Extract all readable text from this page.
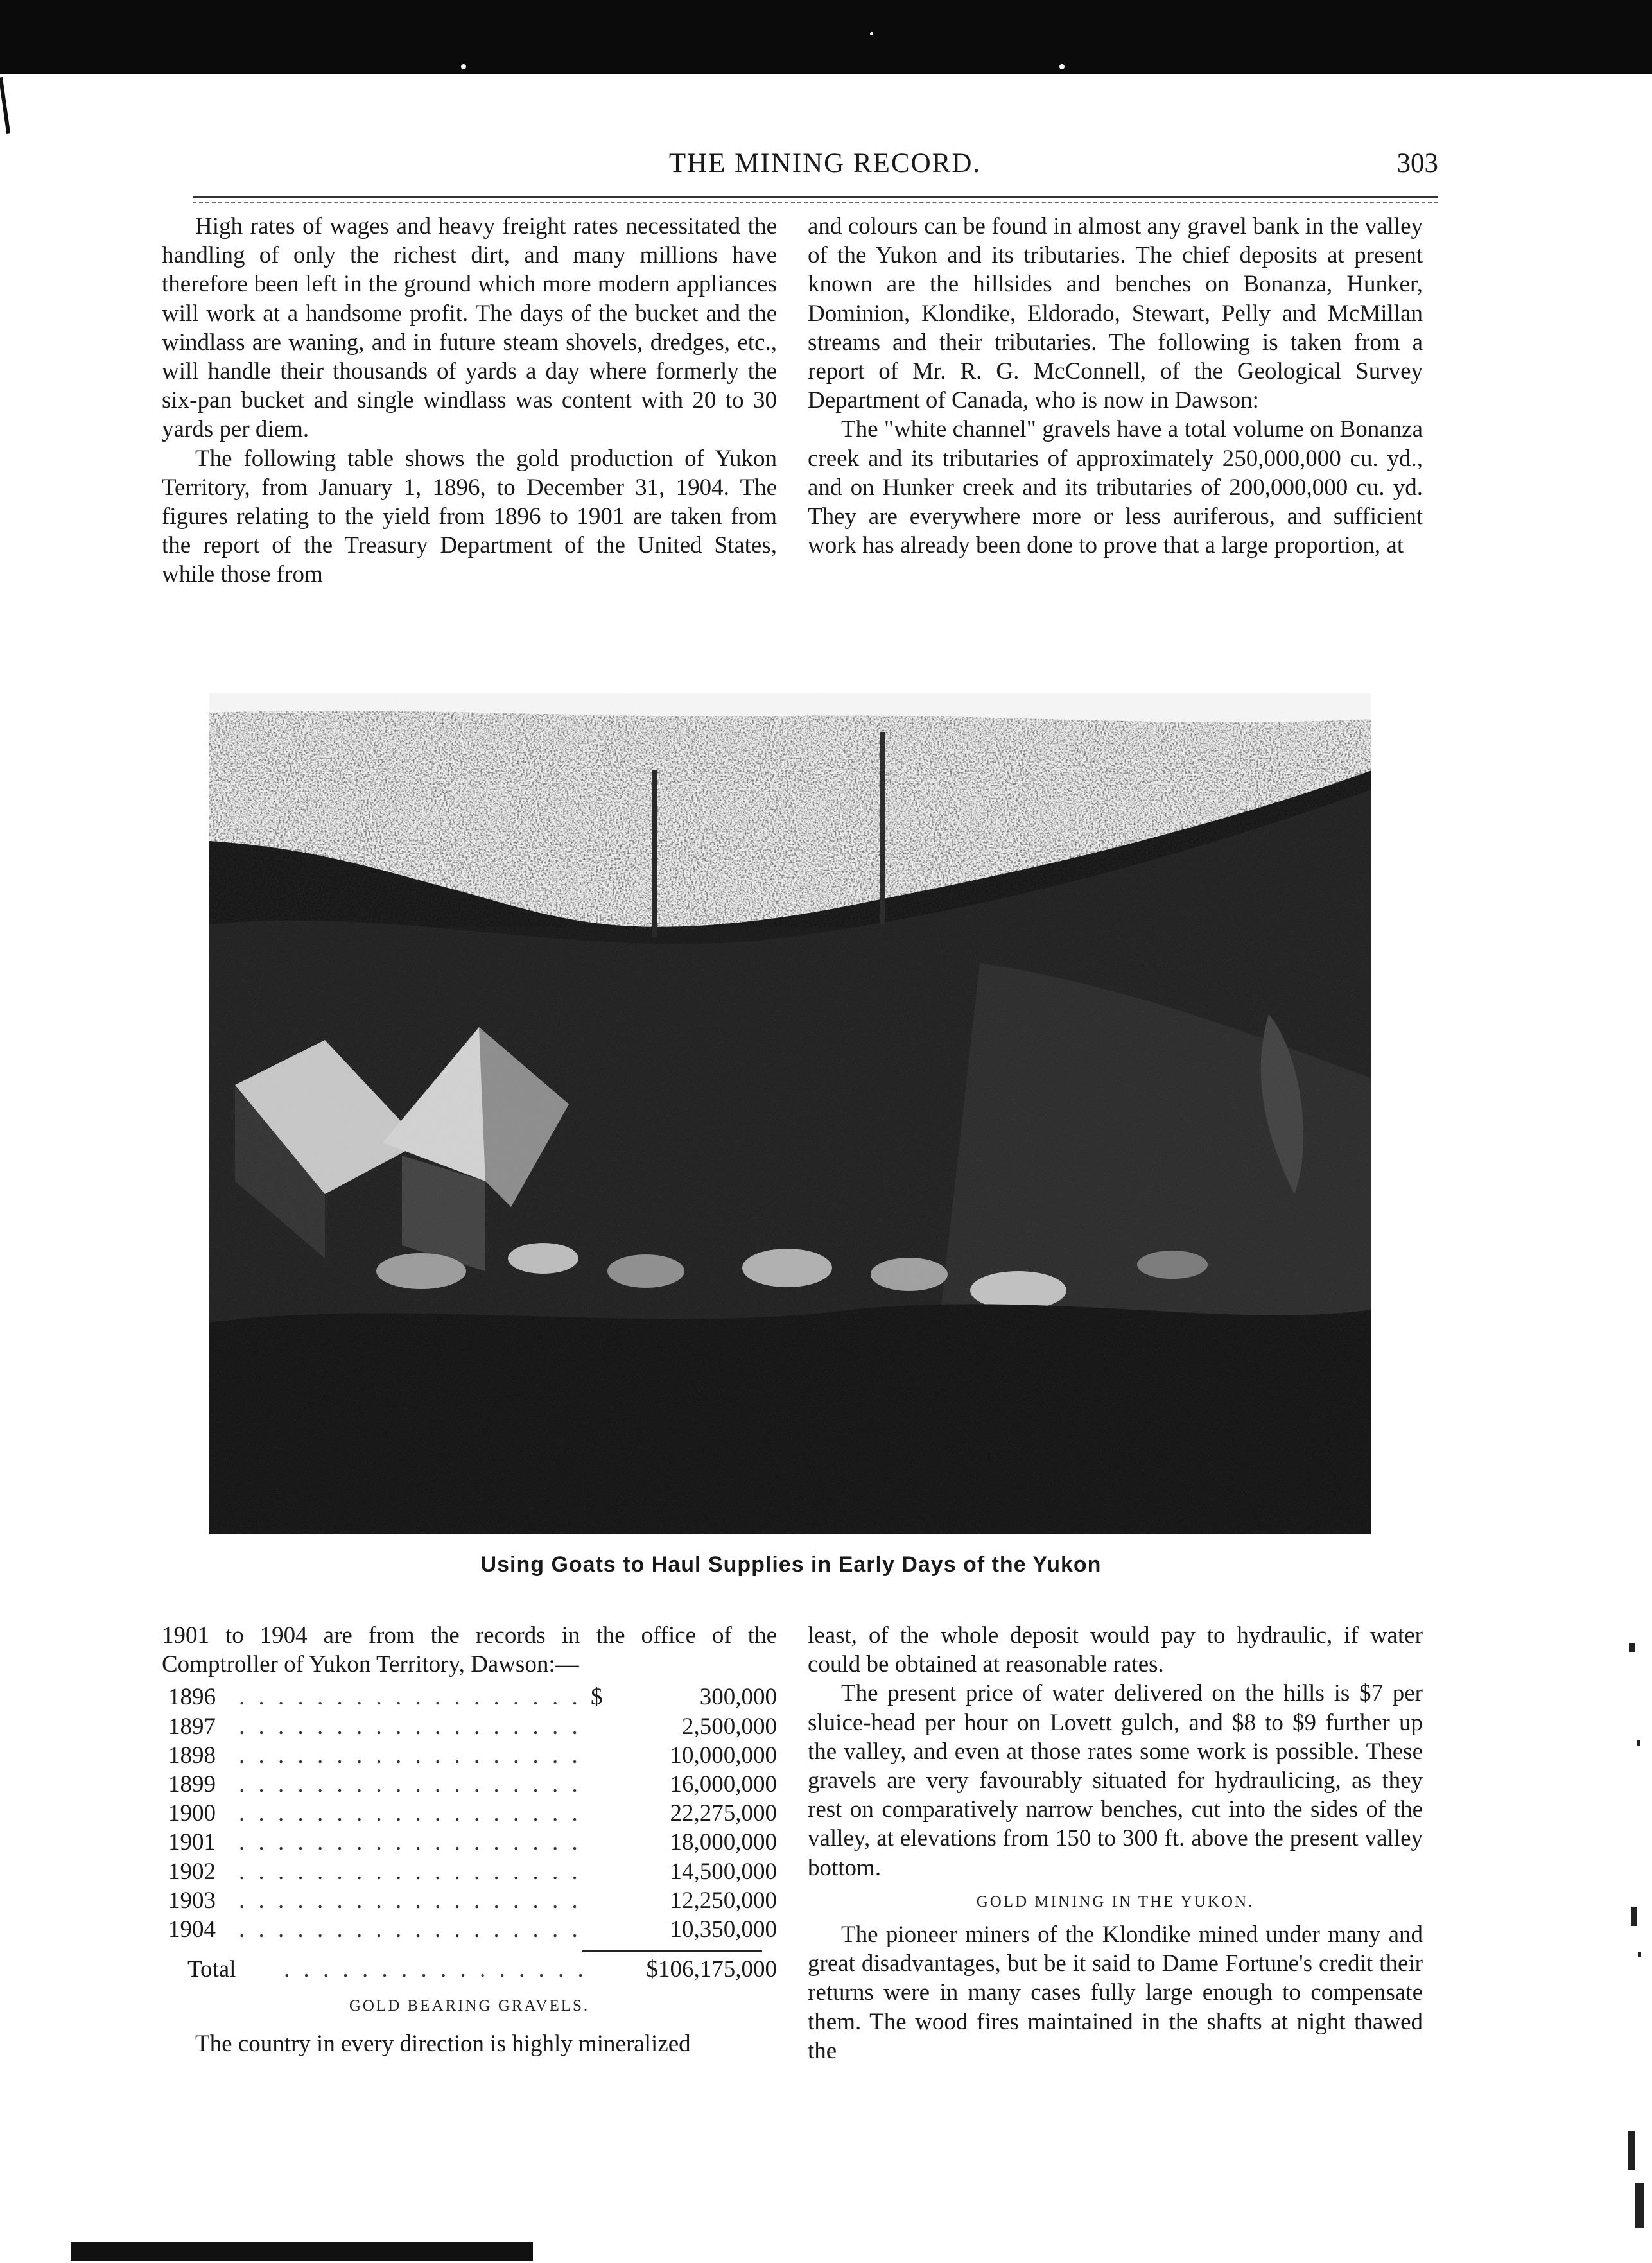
THE MINING RECORD.	303

High rates of wages and heavy freight rates necessitated the handling of only the richest dirt, and many millions have therefore been left in the ground which more modern appliances will work at a handsome profit. The days of the bucket and the windlass are waning, and in future steam shovels, dredges, etc., will handle their thousands of yards a day where formerly the six-pan bucket and single windlass was content with 20 to 30 yards per diem.

The following table shows the gold production of Yukon Territory, from January 1, 1896, to December 31, 1904. The figures relating to the yield from 1896 to 1901 are taken from the report of the Treasury Department of the United States, while those from

and colours can be found in almost any gravel bank in the valley of the Yukon and its tributaries. The chief deposits at present known are the hillsides and benches on Bonanza, Hunker, Dominion, Klondike, Eldorado, Stewart, Pelly and McMillan streams and their tributaries. The following is taken from a report of Mr. R. G. McConnell, of the Geological Survey Department of Canada, who is now in Dawson:

The "white channel" gravels have a total volume on Bonanza creek and its tributaries of approximately 250,000,000 cu. yd., and on Hunker creek and its tributaries of 200,000,000 cu. yd. They are everywhere more or less auriferous, and sufficient work has already been done to prove that a large proportion, at

Using Goats to Haul Supplies in Early Days of the Yukon

1901 to 1904 are from the records in the office of the Comptroller of Yukon Territory, Dawson:—

1896 . . .	$	300,000
1897 . . .	2,500,000
1898 . . .	10,000,000
1899 . . .	16,000,000
1900 . . .	22,275,000
1901 . . .	18,000,000
1902 . . .	14,500,000
1903 . . .	12,250,000
1904 . . .	10,350,000
Total . . .	$106,175,000
GOLD BEARING GRAVELS.

The country in every direction is highly mineralized

least, of the whole deposit would pay to hydraulic, if water could be obtained at reasonable rates.

The present price of water delivered on the hills is $7 per sluice-head per hour on Lovett gulch, and $8 to $9 further up the valley, and even at those rates some work is possible. These gravels are very favourably situated for hydraulicing, as they rest on comparatively narrow benches, cut into the sides of the valley, at elevations from 150 to 300 ft. above the present valley bottom.

GOLD MINING IN THE YUKON.

The pioneer miners of the Klondike mined under many and great disadvantages, but be it said to Dame Fortune's credit their returns were in many cases fully large enough to compensate them. The wood fires maintained in the shafts at night thawed the
